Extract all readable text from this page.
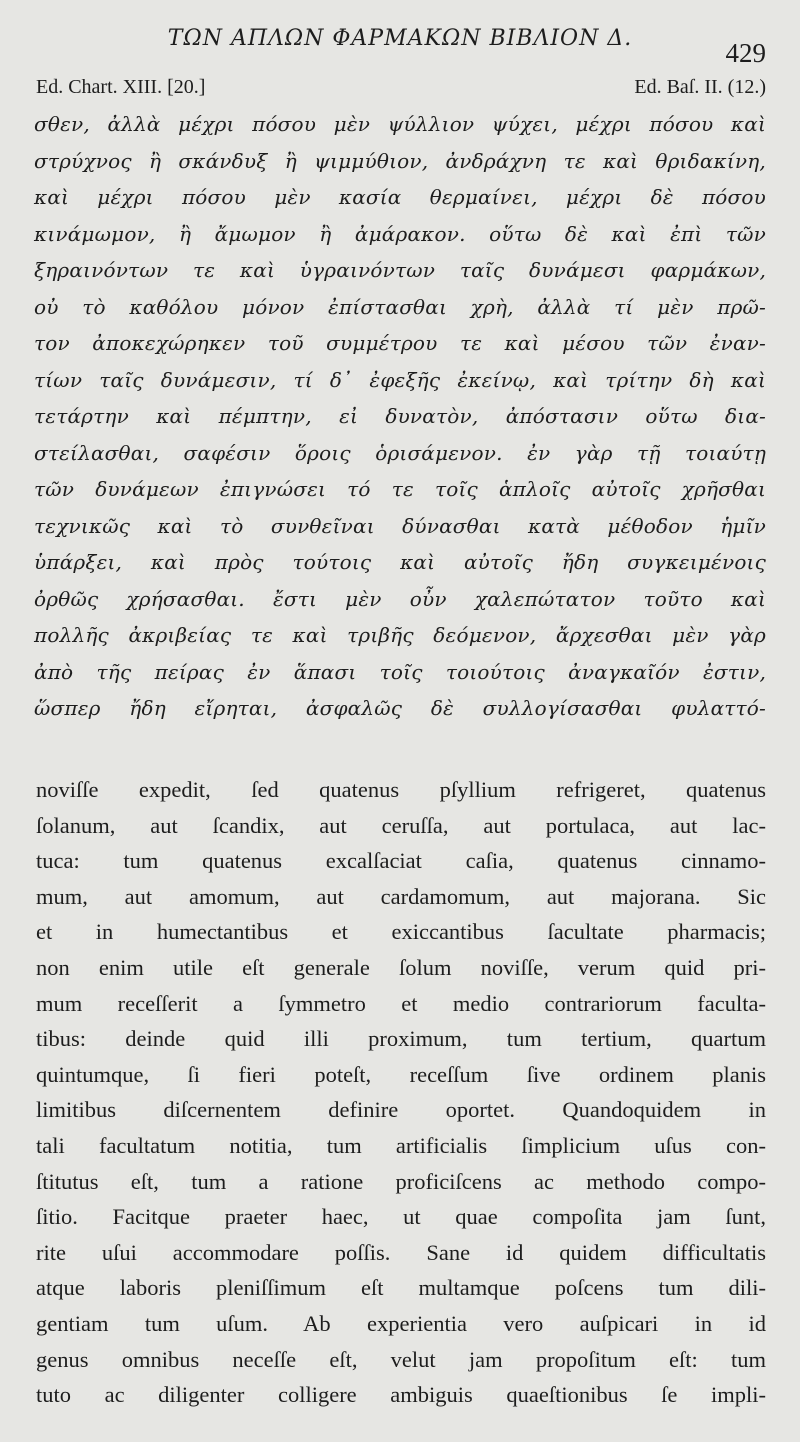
ΤΩΝ ΑΠΛΩΝ ΦΑΡΜΑΚΩΝ ΒΙΒΛΙΟΝ Δ.	429
Ed. Chart. XIII. [20.]	Ed. Baſ. II. (12.)
σθεν, ἀλλὰ μέχρι πόσου μὲν ψύλλιον ψύχει, μέχρι πόσου καὶ
στρύχνος ἢ σκάνδυξ ἢ ψιμμύθιον, ἀνδράχνη τε καὶ θριδακίνη,
καὶ μέχρι πόσου μὲν κασία θερμαίνει, μέχρι δὲ πόσου
κινάμωμον, ἢ ἄμωμον ἢ ἀμάρακον. οὕτω δὲ καὶ ἐπὶ τῶν
ξηραινόντων τε καὶ ὑγραινόντων ταῖς δυνάμεσι φαρμάκων,
οὐ τὸ καθόλου μόνον ἐπίστασθαι χρὴ, ἀλλὰ τί μὲν πρῶ-
τον ἀποκεχώρηκεν τοῦ συμμέτρου τε καὶ μέσου τῶν ἐναν-
τίων ταῖς δυνάμεσιν, τί δ᾽ ἐφεξῆς ἐκείνῳ, καὶ τρίτην δὴ καὶ
τετάρτην καὶ πέμπτην, εἰ δυνατὸν, ἀπόστασιν οὕτω δια-
στείλασθαι, σαφέσιν ὅροις ὁρισάμενον. ἐν γὰρ τῇ τοιαύτῃ
τῶν δυνάμεων ἐπιγνώσει τό τε τοῖς ἁπλοῖς αὐτοῖς χρῆσθαι
τεχνικῶς καὶ τὸ συνθεῖναι δύνασθαι κατὰ μέθοδον ἡμῖν
ὑπάρξει, καὶ πρὸς τούτοις καὶ αὐτοῖς ἤδη συγκειμένοις
ὀρθῶς χρήσασθαι. ἔστι μὲν οὖν χαλεπώτατον τοῦτο καὶ
πολλῆς ἀκριβείας τε καὶ τριβῆς δεόμενον, ἄρχεσθαι μὲν γὰρ
ἀπὸ τῆς πείρας ἐν ἅπασι τοῖς τοιούτοις ἀναγκαῖόν ἐστιν,
ὥσπερ ἤδη εἴρηται, ἀσφαλῶς δὲ συλλογίσασθαι φυλαττό-
noviſſe expedit, ſed quatenus pſyllium refrigeret, quatenus
ſolanum, aut ſcandix, aut ceruſſa, aut portulaca, aut lac-
tuca: tum quatenus excalſaciat caſia, quatenus cinnamo-
mum, aut amomum, aut cardamomum, aut majorana. Sic
et in humectantibus et exiccantibus ſacultate pharmacis;
non enim utile eſt generale ſolum noviſſe, verum quid pri-
mum receſſerit a ſymmetro et medio contrariorum faculta-
tibus: deinde quid illi proximum, tum tertium, quartum
quintumque, ſi fieri poteſt, receſſum ſive ordinem planis
limitibus diſcernentem definire oportet. Quandoquidem in
tali facultatum notitia, tum artificialis ſimplicium uſus con-
ſtitutus eſt, tum a ratione proficiſcens ac methodo compo-
ſitio. Facitque praeter haec, ut quae compoſita jam ſunt,
rite uſui accommodare poſſis. Sane id quidem difficultatis
atque laboris pleniſſimum eſt multamque poſcens tum dili-
gentiam tum uſum. Ab experientia vero auſpicari in id
genus omnibus neceſſe eſt, velut jam propoſitum eſt: tum
tuto ac diligenter colligere ambiguis quaeſtionibus ſe impli-
